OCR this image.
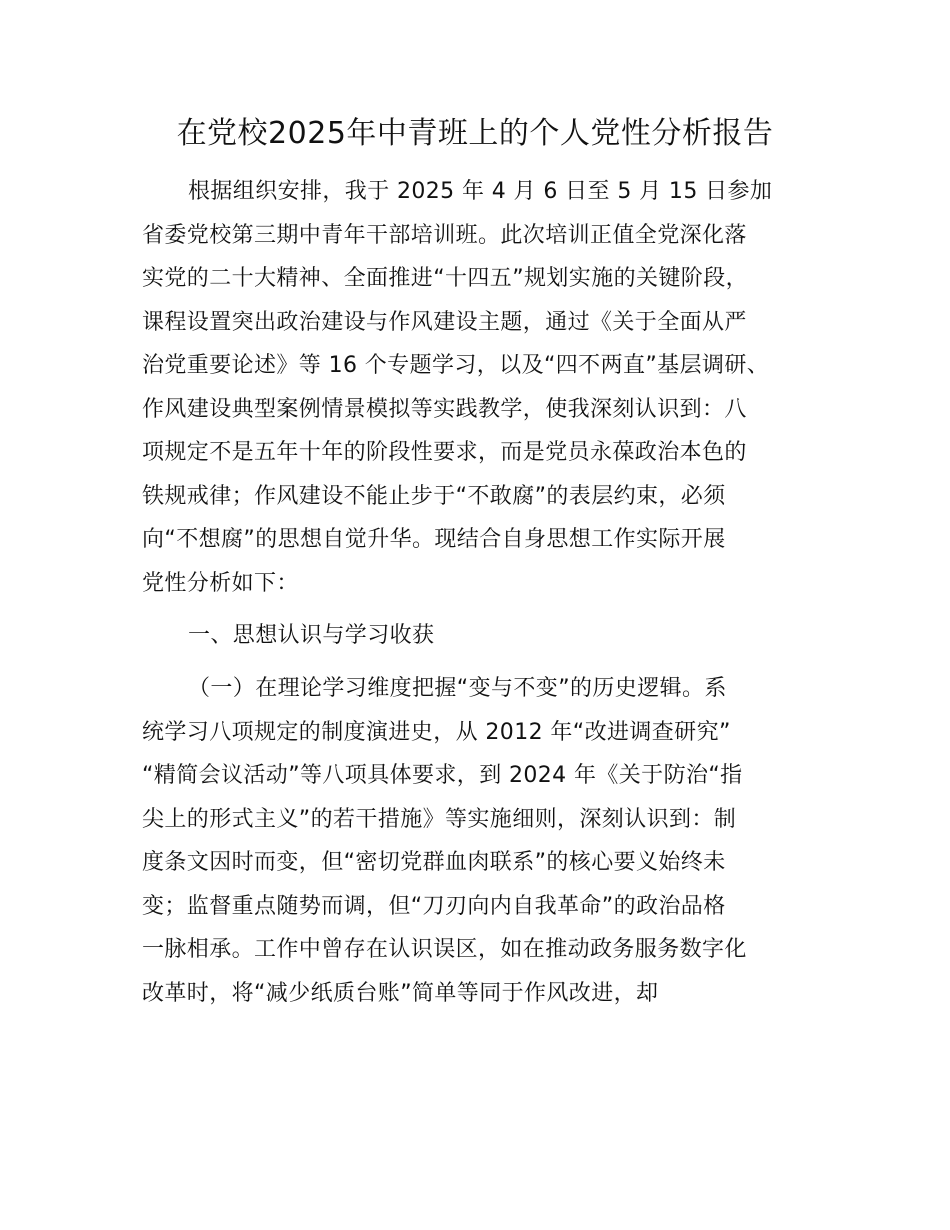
在党校2025年中青班上的个人党性分析报告
根据组织安排，我于 2025 年 4 月 6 日至 5 月 15 日参加
省委党校第三期中青年干部培训班。此次培训正值全党深化落
实党的二十大精神、全面推进“十四五”规划实施的关键阶段，
课程设置突出政治建设与作风建设主题，通过《关于全面从严
治党重要论述》等 16 个专题学习，以及“四不两直”基层调研、
作风建设典型案例情景模拟等实践教学，使我深刻认识到：八
项规定不是五年十年的阶段性要求，而是党员永葆政治本色的
铁规戒律；作风建设不能止步于“不敢腐”的表层约束，必须
向“不想腐”的思想自觉升华。现结合自身思想工作实际开展
党性分析如下：
一、思想认识与学习收获
（一）在理论学习维度把握“变与不变”的历史逻辑。系
统学习八项规定的制度演进史，从 2012 年“改进调查研究”
“精简会议活动”等八项具体要求，到 2024 年《关于防治“指
尖上的形式主义”的若干措施》等实施细则，深刻认识到：制
度条文因时而变，但“密切党群血肉联系”的核心要义始终未
变；监督重点随势而调，但“刀刃向内自我革命”的政治品格
一脉相承。工作中曾存在认识误区，如在推动政务服务数字化
改革时，将“减少纸质台账”简单等同于作风改进，却
